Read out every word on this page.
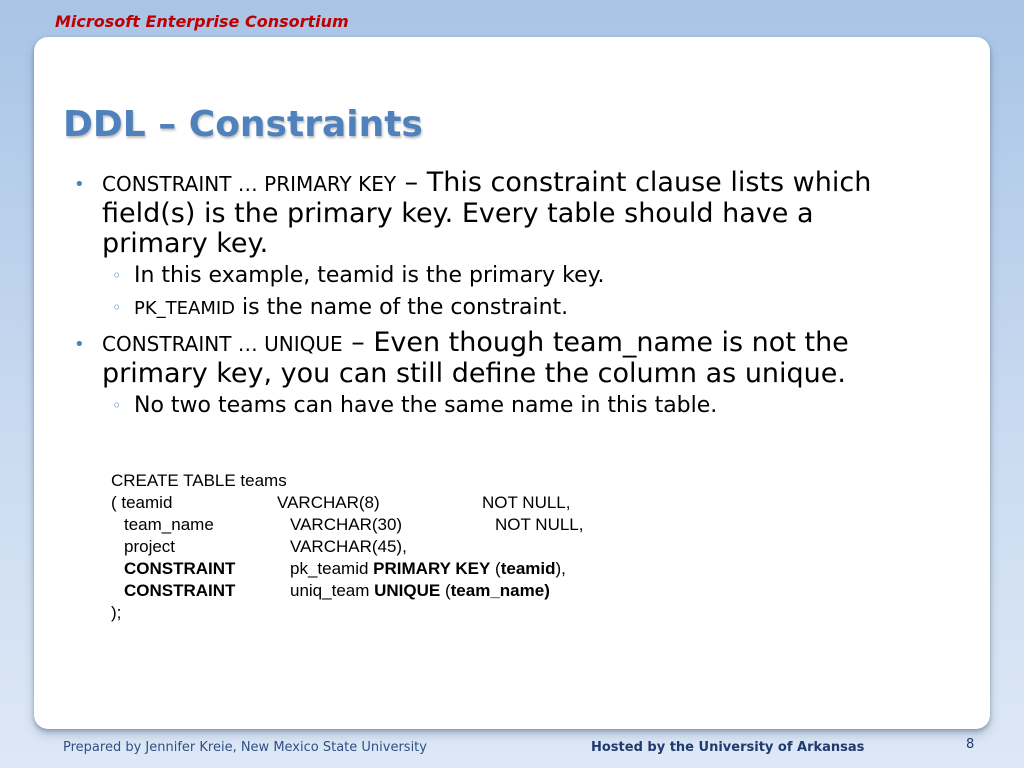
Microsoft Enterprise Consortium
DDL – Constraints
• CONSTRAINT … PRIMARY KEY – This constraint clause lists which field(s) is the primary key. Every table should have a primary key.
◦ In this example, teamid is the primary key.
◦ PK_TEAMID is the name of the constraint.
• CONSTRAINT … UNIQUE – Even though team_name is not the primary key, you can still define the column as unique.
◦ No two teams can have the same name in this table.
CREATE TABLE teams
( teamid	VARCHAR(8)	NOT NULL,
team_name	VARCHAR(30)	NOT NULL,
project	VARCHAR(45),
CONSTRAINT	pk_teamid PRIMARY KEY ( teamid ),
CONSTRAINT	uniq_team UNIQUE ( team_name)
);
Prepared by Jennifer Kreie, New Mexico State University	Hosted by the University of Arkansas	8
